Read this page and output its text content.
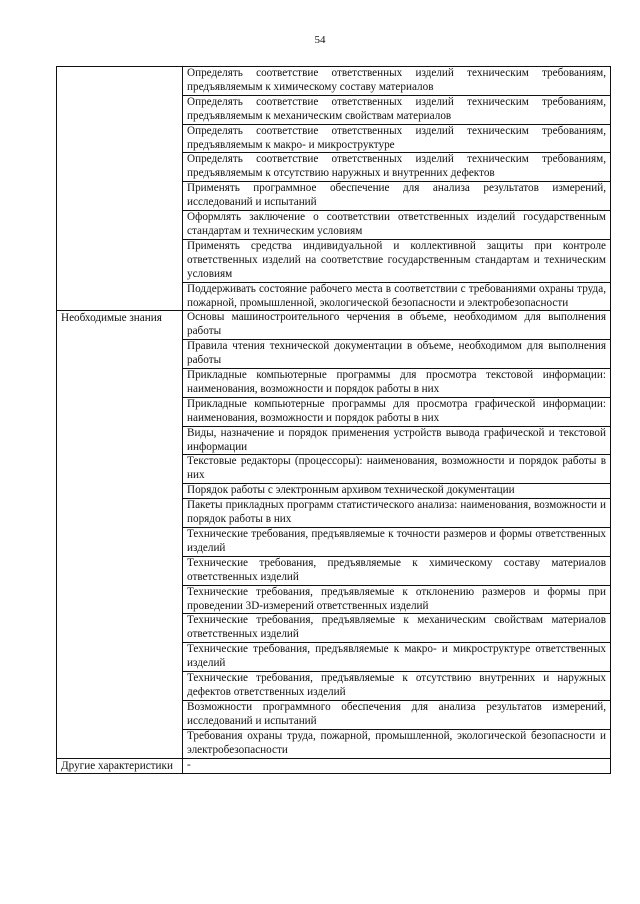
54
	Определять соответствие ответственных изделий техническим требованиям, предъявляемым к химическому составу материалов
	Определять соответствие ответственных изделий техническим требованиям, предъявляемым к механическим свойствам материалов
	Определять соответствие ответственных изделий техническим требованиям, предъявляемым к макро- и микроструктуре
	Определять соответствие ответственных изделий техническим требованиям, предъявляемым к отсутствию наружных и внутренних дефектов
	Применять программное обеспечение для анализа результатов измерений, исследований и испытаний
	Оформлять заключение о соответствии ответственных изделий государственным стандартам и техническим условиям
	Применять средства индивидуальной и коллективной защиты при контроле ответственных изделий на соответствие государственным стандартам и техническим условиям
	Поддерживать состояние рабочего места в соответствии с требованиями охраны труда, пожарной, промышленной, экологической безопасности и электробезопасности
Необходимые знания	Основы машиностроительного черчения в объеме, необходимом для выполнения работы
	Правила чтения технической документации в объеме, необходимом для выполнения работы
	Прикладные компьютерные программы для просмотра текстовой информации: наименования, возможности и порядок работы в них
	Прикладные компьютерные программы для просмотра графической информации: наименования, возможности и порядок работы в них
	Виды, назначение и порядок применения устройств вывода графической и текстовой информации
	Текстовые редакторы (процессоры): наименования, возможности и порядок работы в них
	Порядок работы с электронным архивом технической документации
	Пакеты прикладных программ статистического анализа: наименования, возможности и порядок работы в них
	Технические требования, предъявляемые к точности размеров и формы ответственных изделий
	Технические требования, предъявляемые к химическому составу материалов ответственных изделий
	Технические требования, предъявляемые к отклонению размеров и формы при проведении 3D-измерений ответственных изделий
	Технические требования, предъявляемые к механическим свойствам материалов ответственных изделий
	Технические требования, предъявляемые к макро- и микроструктуре ответственных изделий
	Технические требования, предъявляемые к отсутствию внутренних и наружных дефектов ответственных изделий
	Возможности программного обеспечения для анализа результатов измерений, исследований и испытаний
	Требования охраны труда, пожарной, промышленной, экологической безопасности и электробезопасности
Другие характеристики	-
